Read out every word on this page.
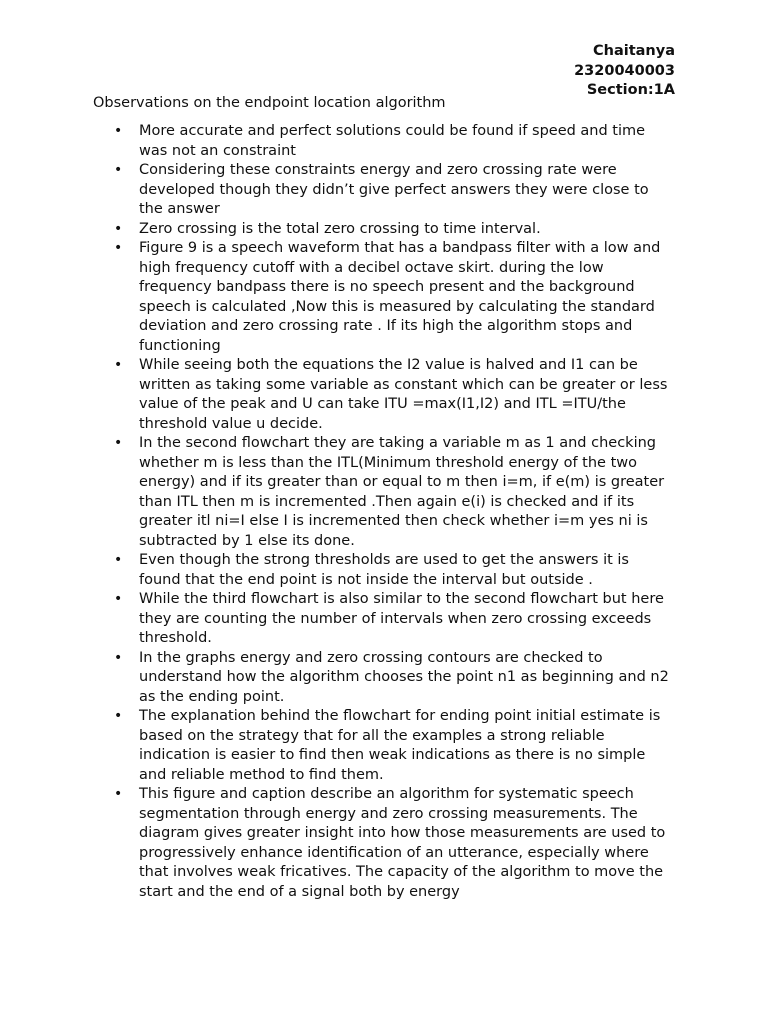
Chaitanya
2320040003
Section:1A
Observations on the endpoint location algorithm
• More accurate and perfect solutions could be found if speed and time was not an constraint
• Considering these constraints energy and zero crossing rate were developed though they didn’t give perfect answers they were close to the answer
• Zero crossing is the total zero crossing to time interval.
• Figure 9 is a speech waveform that has a bandpass filter with a low and high frequency cutoff with a decibel octave skirt. during the low frequency bandpass there is no speech present and the background speech is calculated ,Now this is measured by calculating the standard deviation and zero crossing rate . If its high the algorithm stops and functioning
• While seeing both the equations the I2 value is halved and I1 can be written as taking some variable as constant which can be greater or less value of the peak and U can take ITU =max(I1,I2) and ITL =ITU/the threshold value u decide.
• In the second flowchart they are taking a variable m as 1 and checking whether m is less than the ITL(Minimum threshold energy of the two energy) and if its greater than or equal to m then i=m, if e(m) is greater than ITL then m is incremented .Then again e(i) is checked and if its greater itl ni=I else I is incremented then check whether i=m yes ni is subtracted by 1 else its done.
• Even though the strong thresholds are used to get the answers it is found that the end point is not inside the interval but outside .
• While the third flowchart is also similar to the second flowchart but here they are counting the number of intervals when zero crossing exceeds threshold.
• In the graphs energy and zero crossing contours are checked to understand how the algorithm chooses the point n1 as beginning and n2 as the ending point.
• The explanation behind the flowchart for ending point initial estimate is based on the strategy that for all the examples a strong reliable indication is easier to find then weak indications as there is no simple and reliable method to find them.
• This figure and caption describe an algorithm for systematic speech segmentation through energy and zero crossing measurements. The diagram gives greater insight into how those measurements are used to progressively enhance identification of an utterance, especially where that involves weak fricatives. The capacity of the algorithm to move the start and the end of a signal both by energy
